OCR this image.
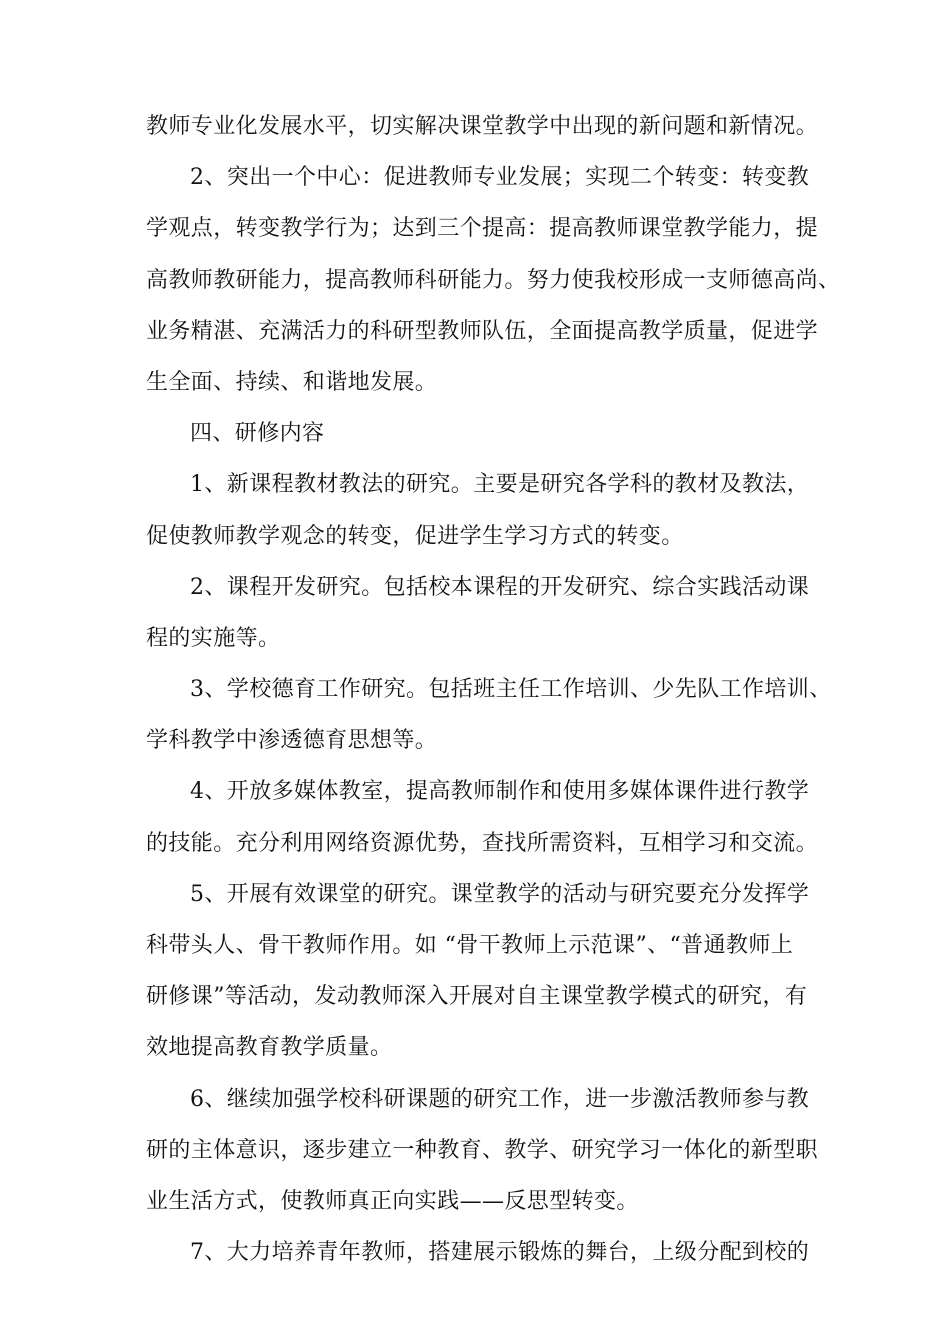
教师专业化发展水平，切实解决课堂教学中出现的新问题和新情况。
2、突出一个中心：促进教师专业发展；实现二个转变：转变教
学观点，转变教学行为；达到三个提高：提高教师课堂教学能力，提
高教师教研能力，提高教师科研能力。努力使我校形成一支师德高尚、
业务精湛、充满活力的科研型教师队伍，全面提高教学质量，促进学
生全面、持续、和谐地发展。
四、研修内容
1、新课程教材教法的研究。主要是研究各学科的教材及教法，
促使教师教学观念的转变，促进学生学习方式的转变。
2、课程开发研究。包括校本课程的开发研究、综合实践活动课
程的实施等。
3、学校德育工作研究。包括班主任工作培训、少先队工作培训、
学科教学中渗透德育思想等。
4、开放多媒体教室，提高教师制作和使用多媒体课件进行教学
的技能。充分利用网络资源优势，查找所需资料，互相学习和交流。
5、开展有效课堂的研究。课堂教学的活动与研究要充分发挥学
科带头人、骨干教师作用。如 “骨干教师上示范课”、“普通教师上
研修课”等活动，发动教师深入开展对自主课堂教学模式的研究，有
效地提高教育教学质量。
6、继续加强学校科研课题的研究工作，进一步激活教师参与教
研的主体意识，逐步建立一种教育、教学、研究学习一体化的新型职
业生活方式，使教师真正向实践——反思型转变。
7、大力培养青年教师，搭建展示锻炼的舞台，上级分配到校的
